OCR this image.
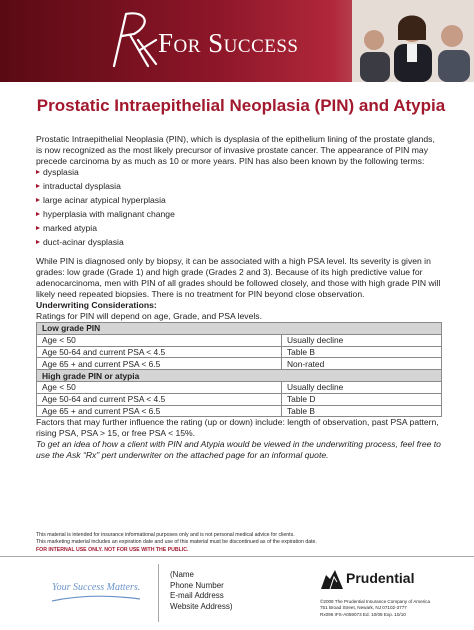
For Success
Prostatic Intraepithelial Neoplasia (PIN) and Atypia

Prostatic Intraepithelial Neoplasia (PIN), which is dysplasia of the epithelium lining of the prostate glands, is now recognized as the most likely precursor of invasive prostate cancer. The appearance of PIN may precede carcinoma by as much as 10 or more years. PIN has also been known by the following terms:

dysplasia
intraductal dysplasia
large acinar atypical hyperplasia
hyperplasia with malignant change
marked atypia
duct-acinar dysplasia

While PIN is diagnosed only by biopsy, it can be associated with a high PSA level. Its severity is given in grades: low grade (Grade 1) and high grade (Grades 2 and 3). Because of its high predictive value for adenocarcinoma, men with PIN of all grades should be followed closely, and those with high grade PIN will likely need repeated biopsies. There is no treatment for PIN beyond close observation.

Underwriting Considerations:

Ratings for PIN will depend on age, Grade, and PSA levels.

Low grade PIN	
Age < 50	Usually decline
Age 50-64 and current PSA < 4.5	Table B
Age 65 + and current PSA < 6.5	Non-rated
High grade PIN or atypia	
Age < 50	Usually decline
Age 50-64 and current PSA < 4.5	Table D
Age 65 + and current PSA < 6.5	Table B

Factors that may further influence the rating (up or down) include: length of observation, past PSA pattern, rising PSA, PSA > 15, or free PSA < 15%.

To get an idea of how a client with PIN and Atypia would be viewed in the underwriting process, feel free to use the Ask “Rx” pert underwriter on the attached page for an informal quote.

This material is intended for insurance informational purposes only and is not personal medical advice for clients.
This marketing material includes an expiration date and use of this material must be discontinued as of the expiration date.
FOR INTERNAL USE ONLY. NOT FOR USE WITH THE PUBLIC.
Your Success Matters.
(Name
Phone Number
E-mail Address
Website Address)
Prudential
©2008 The Prudential Insurance Company of America
751 Broad Street, Newark, NJ 07102-3777
Rx096 IFS-A059073 Ed. 10/08 Exp. 10/10
